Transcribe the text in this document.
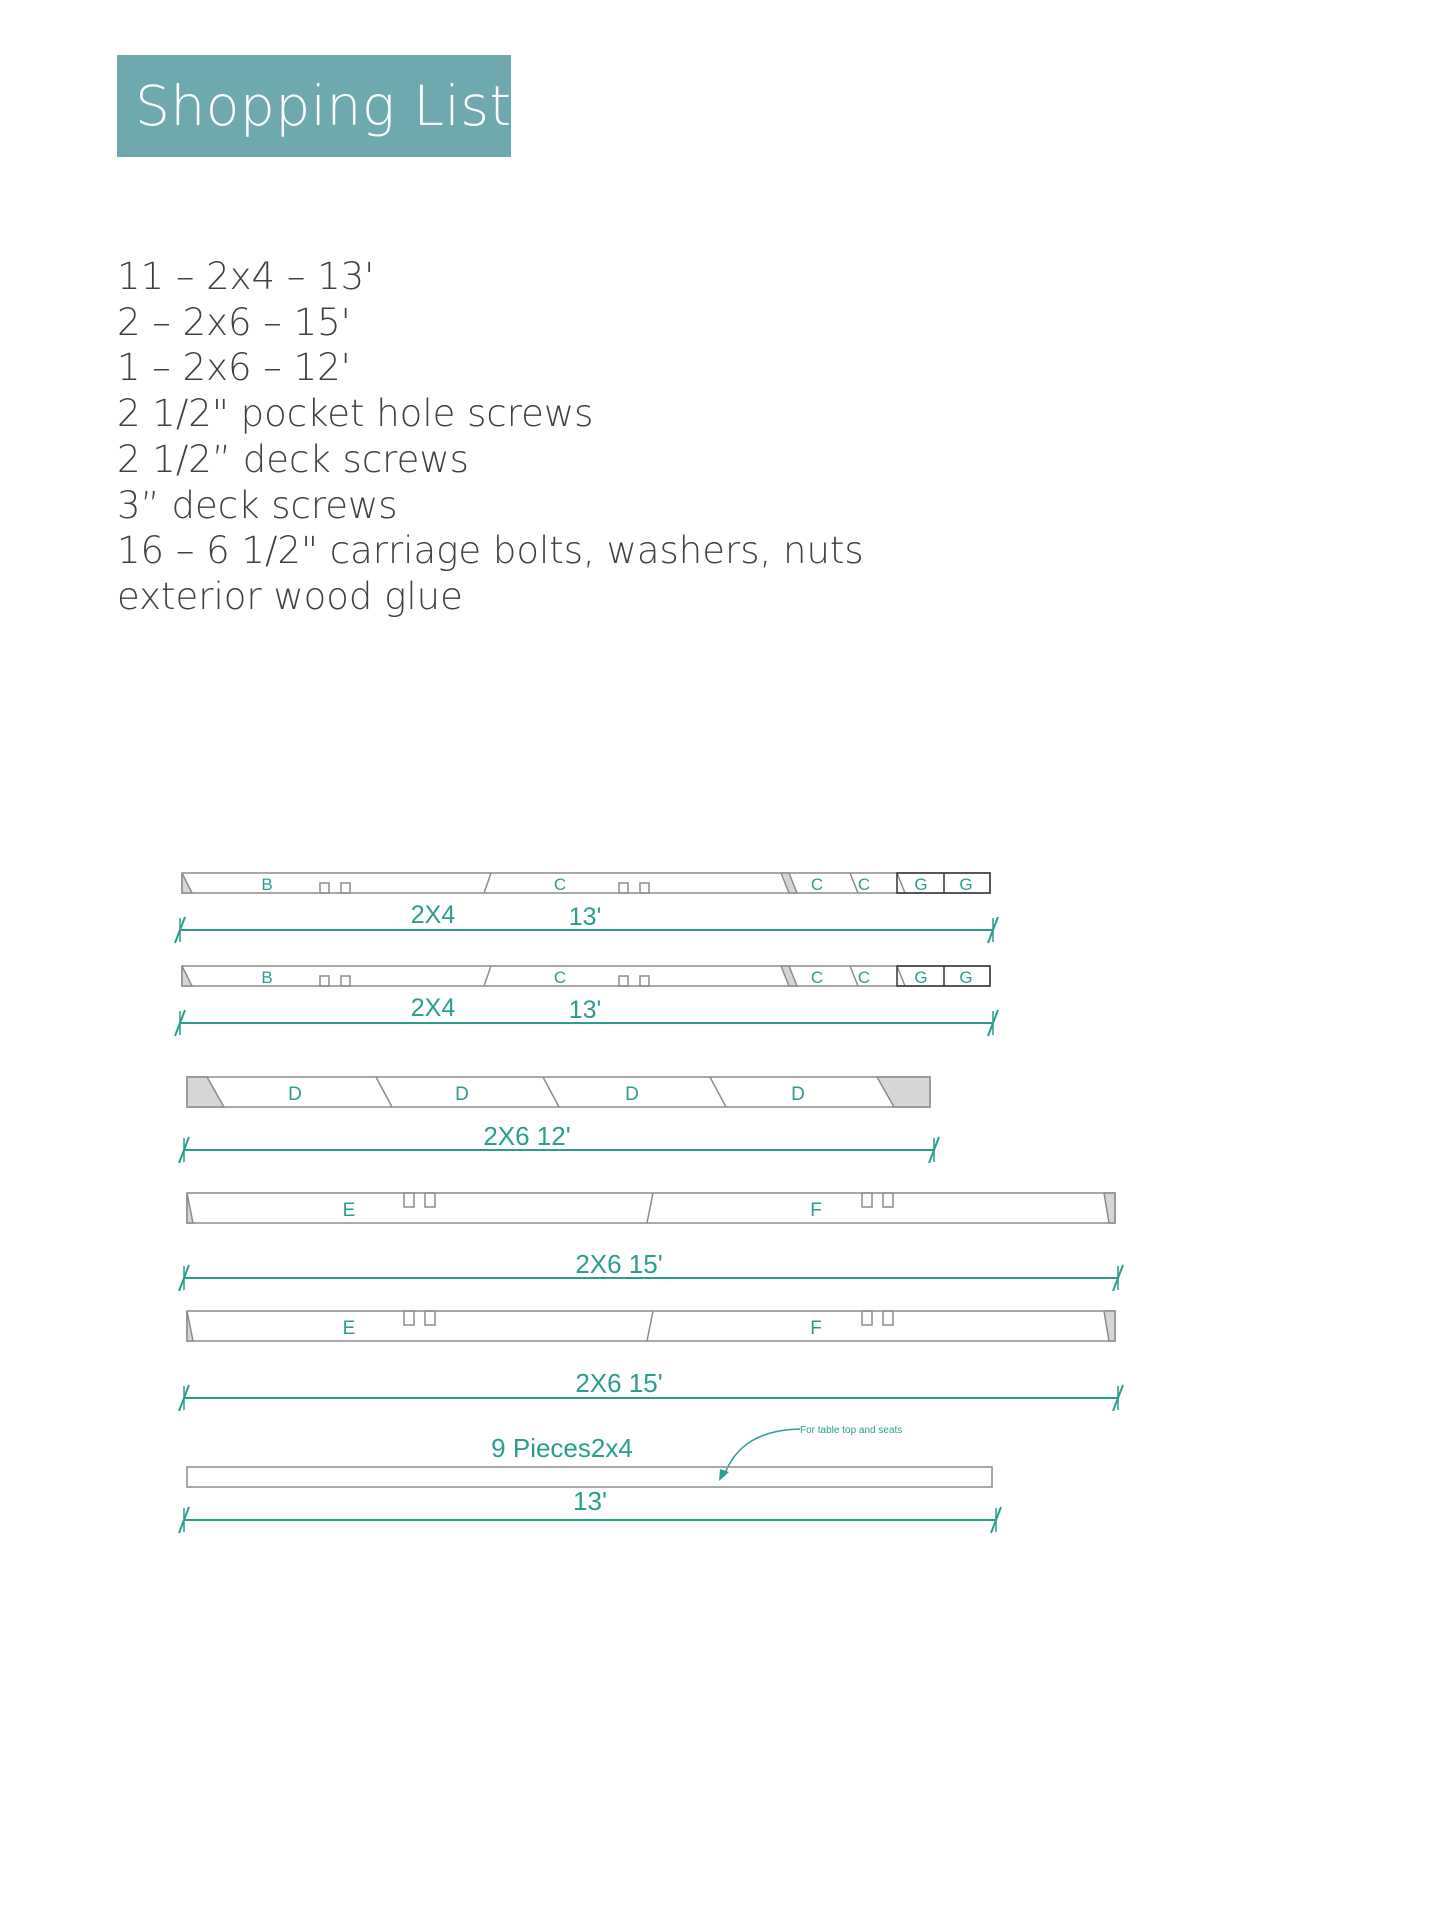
Shopping List
11 – 2x4 – 13'
2 – 2x6 – 15'
1 – 2x6 – 12'
2 1/2" pocket hole screws
2 1/2” deck screws
3” deck screws
16 – 6 1/2" carriage bolts, washers, nuts
exterior wood glue
B	C	C C	G G
2X4	13'
B	C	C C	G G
2X4	13'
D	D	D	D
2X6 12'
E	F
2X6 15'
E	F
2X6 15'
9 Pieces2x4
For table top and seats
13'
